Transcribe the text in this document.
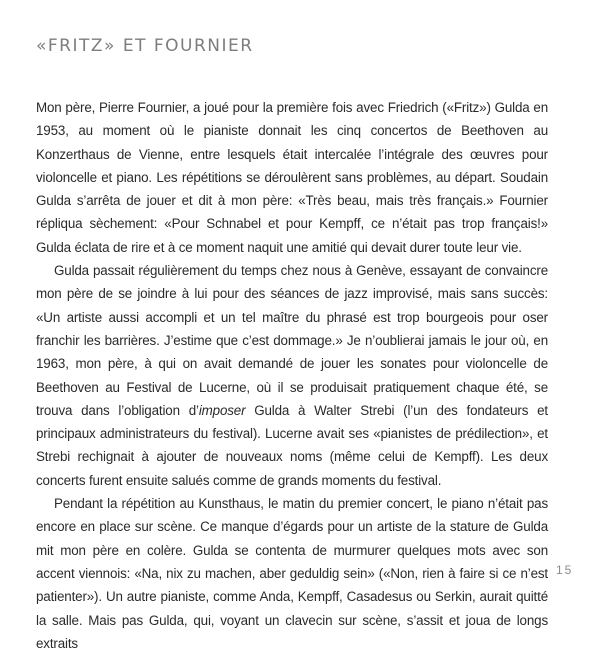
«FRITZ» ET FOURNIER

Mon père, Pierre Fournier, a joué pour la première fois avec Friedrich («Fritz») Gulda en 1953, au moment où le pianiste donnait les cinq concertos de Beethoven au Konzerthaus de Vienne, entre lesquels était intercalée l’intégrale des œuvres pour violoncelle et piano. Les répétitions se déroulèrent sans problèmes, au départ. Soudain Gulda s’arrêta de jouer et dit à mon père: «Très beau, mais très français.» Fournier répliqua sèchement: «Pour Schnabel et pour Kempff, ce n’était pas trop français!» Gulda éclata de rire et à ce moment naquit une amitié qui devait durer toute leur vie.

Gulda passait régulièrement du temps chez nous à Genève, essayant de convaincre mon père de se joindre à lui pour des séances de jazz improvisé, mais sans succès: «Un artiste aussi accompli et un tel maître du phrasé est trop bourgeois pour oser franchir les barrières. J’estime que c’est dommage.» Je n’oublierai jamais le jour où, en 1963, mon père, à qui on avait demandé de jouer les sonates pour violoncelle de Beethoven au Festival de Lucerne, où il se produisait pratiquement chaque été, se trouva dans l’obligation d’imposer Gulda à Walter Strebi (l’un des fondateurs et principaux administrateurs du festival). Lucerne avait ses «pianistes de prédilection», et Strebi rechignait à ajouter de nouveaux noms (même celui de Kempff). Les deux concerts furent ensuite salués comme de grands moments du festival.

Pendant la répétition au Kunsthaus, le matin du premier concert, le piano n’était pas encore en place sur scène. Ce manque d’égards pour un artiste de la stature de Gulda mit mon père en colère. Gulda se contenta de murmurer quelques mots avec son accent viennois: «Na, nix zu machen, aber geduldig sein» («Non, rien à faire si ce n’est patienter»). Un autre pianiste, comme Anda, Kempff, Casadesus ou Serkin, aurait quitté la salle. Mais pas Gulda, qui, voyant un clavecin sur scène, s’assit et joua de longs extraits

15
